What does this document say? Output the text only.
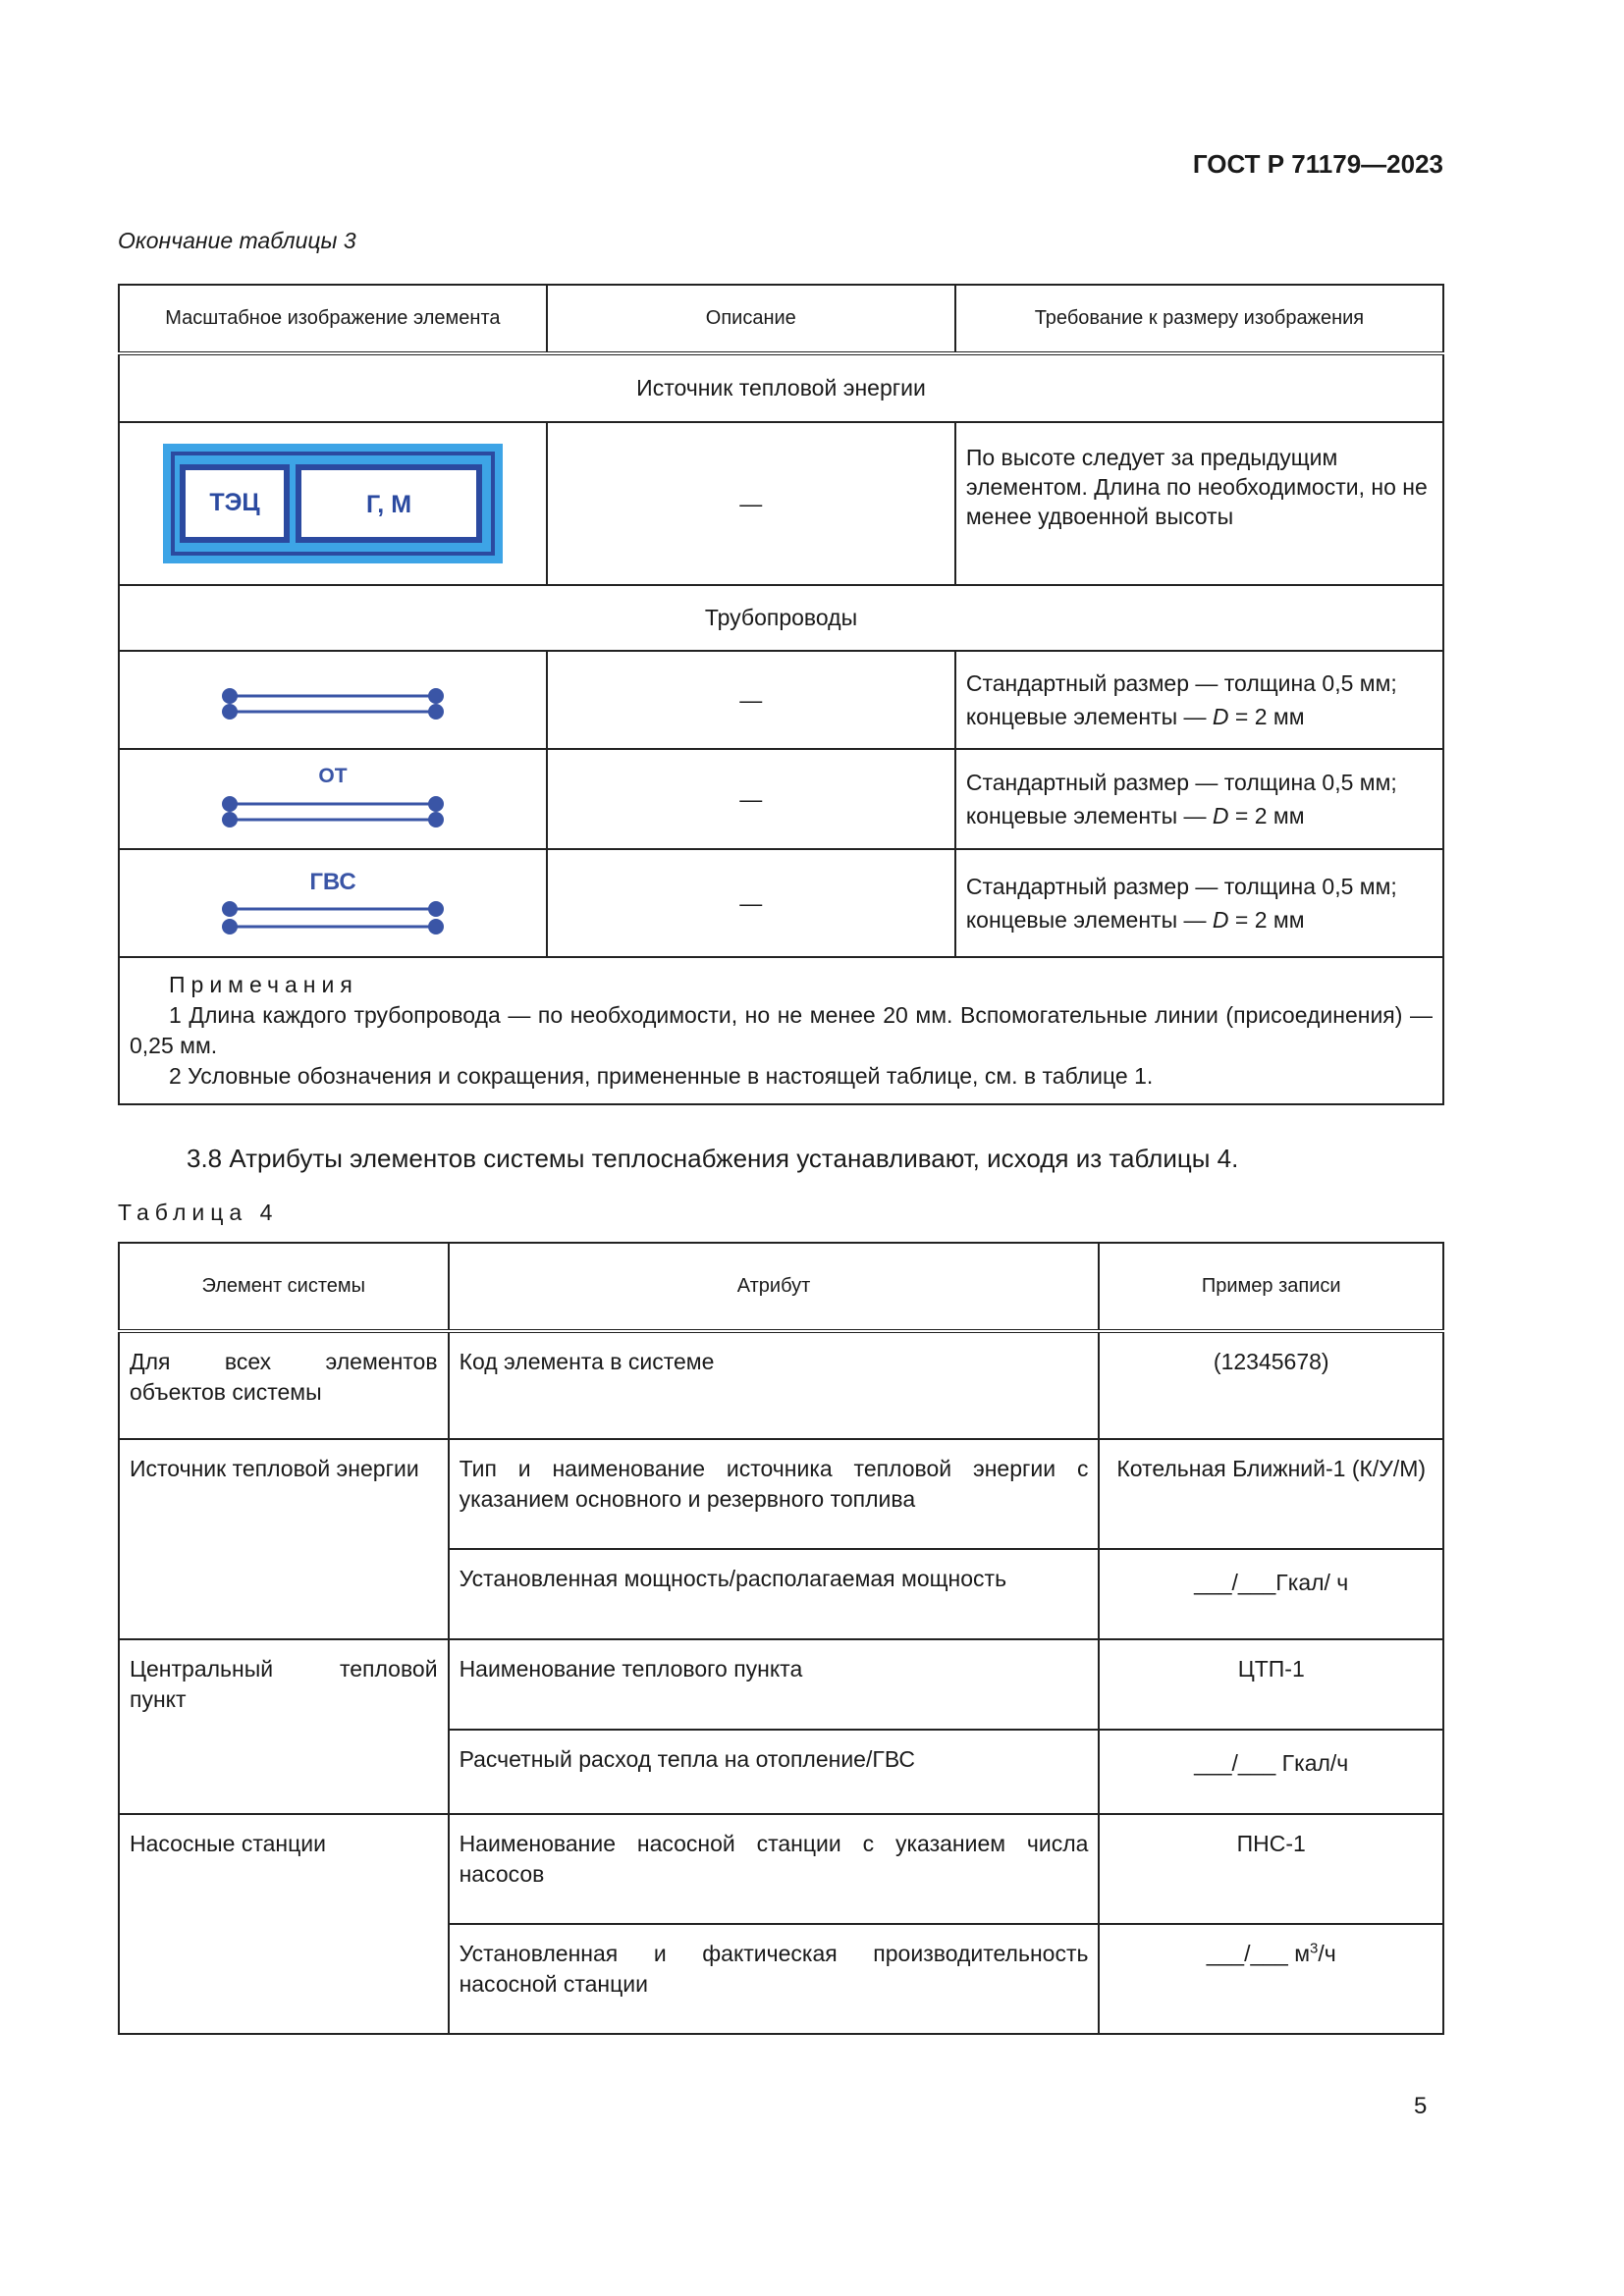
ГОСТ Р 71179—2023
Окончание таблицы 3
Масштабное изображение элемента	Описание	Требование к размеру изображения
Источник тепловой энергии		

ТЭЦ Г, М	—	По высоте следует за предыдущим элементом. Длина по необходимости, но не менее удвоенной высоты
Трубопроводы		

	—	Стандартный размер — толщина 0,5 мм;
концевые элементы — D = 2 мм

ОТ	—	Стандартный размер — толщина 0,5 мм;
концевые элементы — D = 2 мм

ГВС	—	Стандартный размер — толщина 0,5 мм;
концевые элементы — D = 2 мм

Примечания
1 Длина каждого трубопровода — по необходимости, но не менее 20 мм. Вспомогательные линии (присоединения) — 0,25 мм.
2 Условные обозначения и сокращения, примененные в настоящей таблице, см. в таблице 1.		
3.8 Атрибуты элементов системы теплоснабжения устанавливают, исходя из таблицы 4.
Таблица 4
Элемент системы	Атрибут	Пример записи
Для всех элементов объектов системы	Код элемента в системе	(12345678)
Источник тепловой энергии	Тип и наименование источника тепловой энергии с указанием основного и резервного топлива	Котельная Ближний-1 (К/У/М)
	Установленная мощность/располагаемая мощность	___/___Гкал/ ч
Центральный тепловой пункт	Наименование теплового пункта	ЦТП-1
	Расчетный расход тепла на отопление/ГВС	___/___ Гкал/ч
Насосные станции	Наименование насосной станции с указанием числа насосов	ПНС-1
	Установленная и фактическая производительность насосной станции	___/___ $м^3/ч$
5
